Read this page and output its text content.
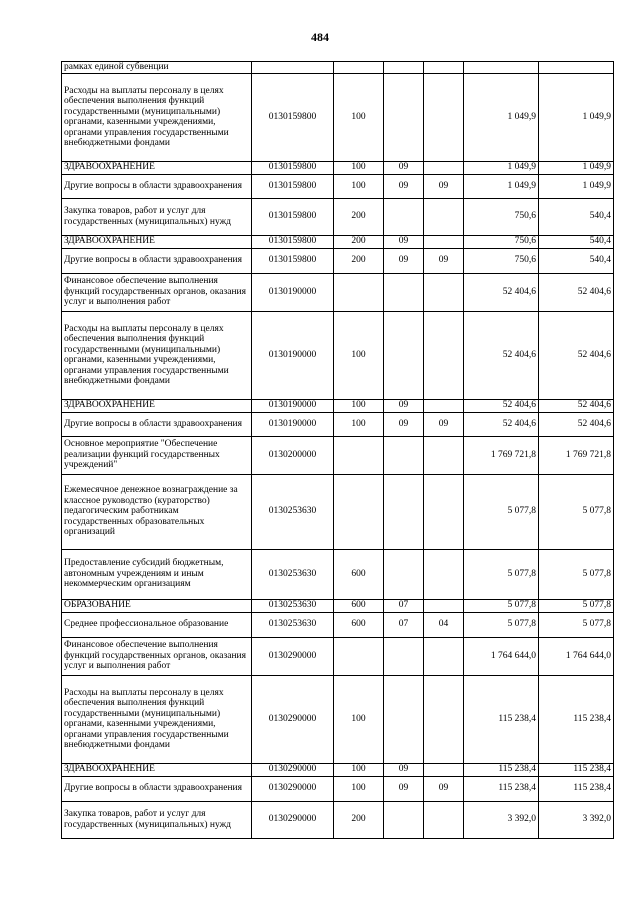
484
рамках единой субвенции						
Расходы на выплаты персоналу в целях обеспечения выполнения функций государственными (муниципальными) органами, казенными учреждениями, органами управления государственными внебюджетными фондами	0130159800	100			1 049,9	1 049,9
ЗДРАВООХРАНЕНИЕ	0130159800	100	09		1 049,9	1 049,9
Другие вопросы в области здравоохранения	0130159800	100	09	09	1 049,9	1 049,9
Закупка товаров, работ и услуг для государственных (муниципальных) нужд	0130159800	200			750,6	540,4
ЗДРАВООХРАНЕНИЕ	0130159800	200	09		750,6	540,4
Другие вопросы в области здравоохранения	0130159800	200	09	09	750,6	540,4
Финансовое обеспечение выполнения функций государственных органов, оказания услуг и выполнения работ	0130190000				52 404,6	52 404,6
Расходы на выплаты персоналу в целях обеспечения выполнения функций государственными (муниципальными) органами, казенными учреждениями, органами управления государственными внебюджетными фондами	0130190000	100			52 404,6	52 404,6
ЗДРАВООХРАНЕНИЕ	0130190000	100	09		52 404,6	52 404,6
Другие вопросы в области здравоохранения	0130190000	100	09	09	52 404,6	52 404,6
Основное мероприятие "Обеспечение реализации функций государственных учреждений"	0130200000				1 769 721,8	1 769 721,8
Ежемесячное денежное вознаграждение за классное руководство (кураторство) педагогическим работникам государственных образовательных организаций	0130253630				5 077,8	5 077,8
Предоставление субсидий бюджетным, автономным учреждениям и иным некоммерческим организациям	0130253630	600			5 077,8	5 077,8
ОБРАЗОВАНИЕ	0130253630	600	07		5 077,8	5 077,8
Среднее профессиональное образование	0130253630	600	07	04	5 077,8	5 077,8
Финансовое обеспечение выполнения функций государственных органов, оказания услуг и выполнения работ	0130290000				1 764 644,0	1 764 644,0
Расходы на выплаты персоналу в целях обеспечения выполнения функций государственными (муниципальными) органами, казенными учреждениями, органами управления государственными внебюджетными фондами	0130290000	100			115 238,4	115 238,4
ЗДРАВООХРАНЕНИЕ	0130290000	100	09		115 238,4	115 238,4
Другие вопросы в области здравоохранения	0130290000	100	09	09	115 238,4	115 238,4
Закупка товаров, работ и услуг для государственных (муниципальных) нужд	0130290000	200			3 392,0	3 392,0
